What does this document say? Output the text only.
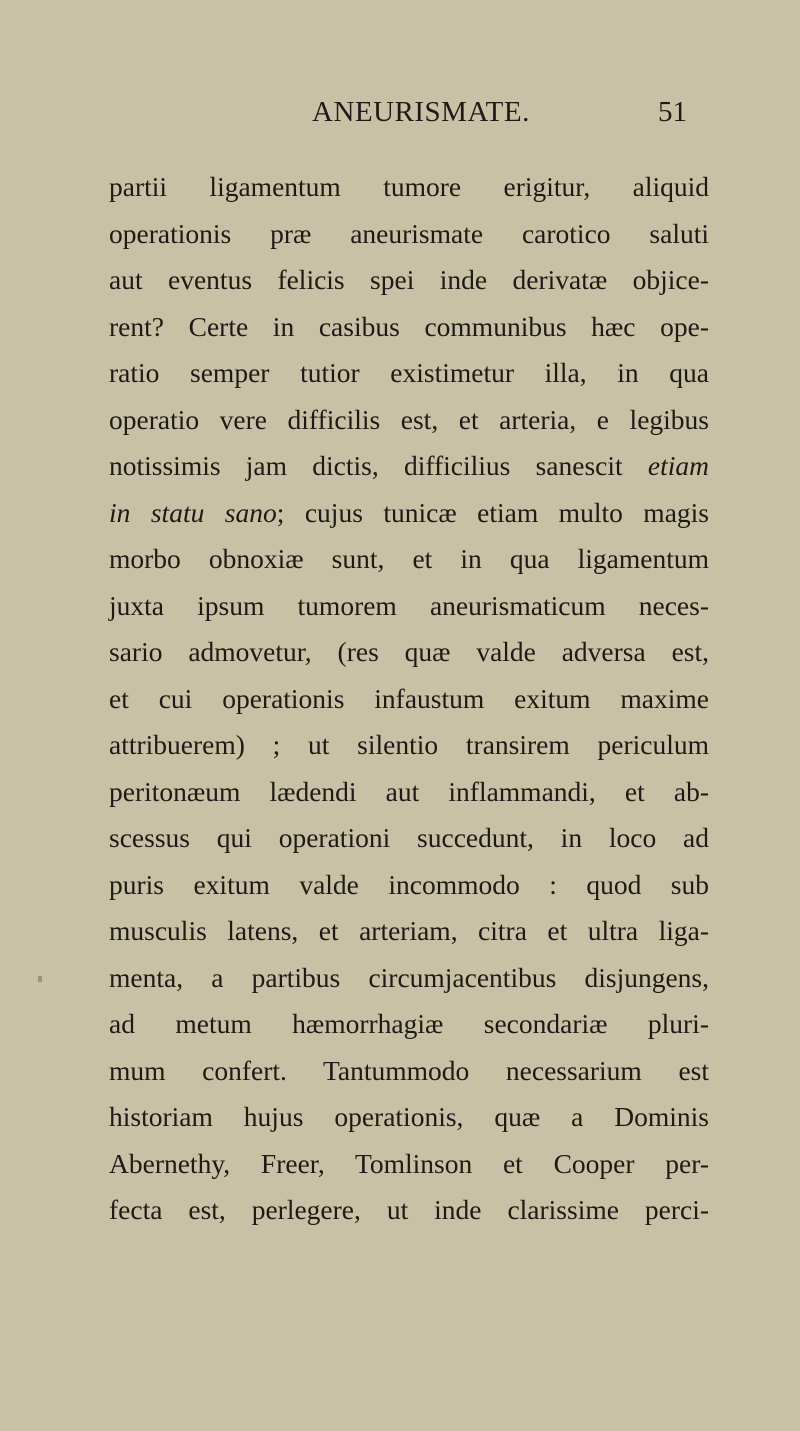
ANEURISMATE.	51
partii ligamentum tumore erigitur, aliquid
operationis præ aneurismate carotico saluti
aut eventus felicis spei inde derivatæ objice-
rent? Certe in casibus communibus hæc ope-
ratio semper tutior existimetur illa, in qua
operatio vere difficilis est, et arteria, e legibus
notissimis jam dictis, difficilius sanescit etiam
in statu sano; cujus tunicæ etiam multo magis
morbo obnoxiæ sunt, et in qua ligamentum
juxta ipsum tumorem aneurismaticum neces-
sario admovetur, (res quæ valde adversa est,
et cui operationis infaustum exitum maxime
attribuerem) ; ut silentio transirem periculum
peritonæum lædendi aut inflammandi, et ab-
scessus qui operationi succedunt, in loco ad
puris exitum valde incommodo : quod sub
musculis latens, et arteriam, citra et ultra liga-
menta, a partibus circumjacentibus disjungens,
ad metum hæmorrhagiæ secondariæ pluri-
mum confert. Tantummodo necessarium est
historiam hujus operationis, quæ a Dominis
Abernethy, Freer, Tomlinson et Cooper per-
fecta est, perlegere, ut inde clarissime perci-
